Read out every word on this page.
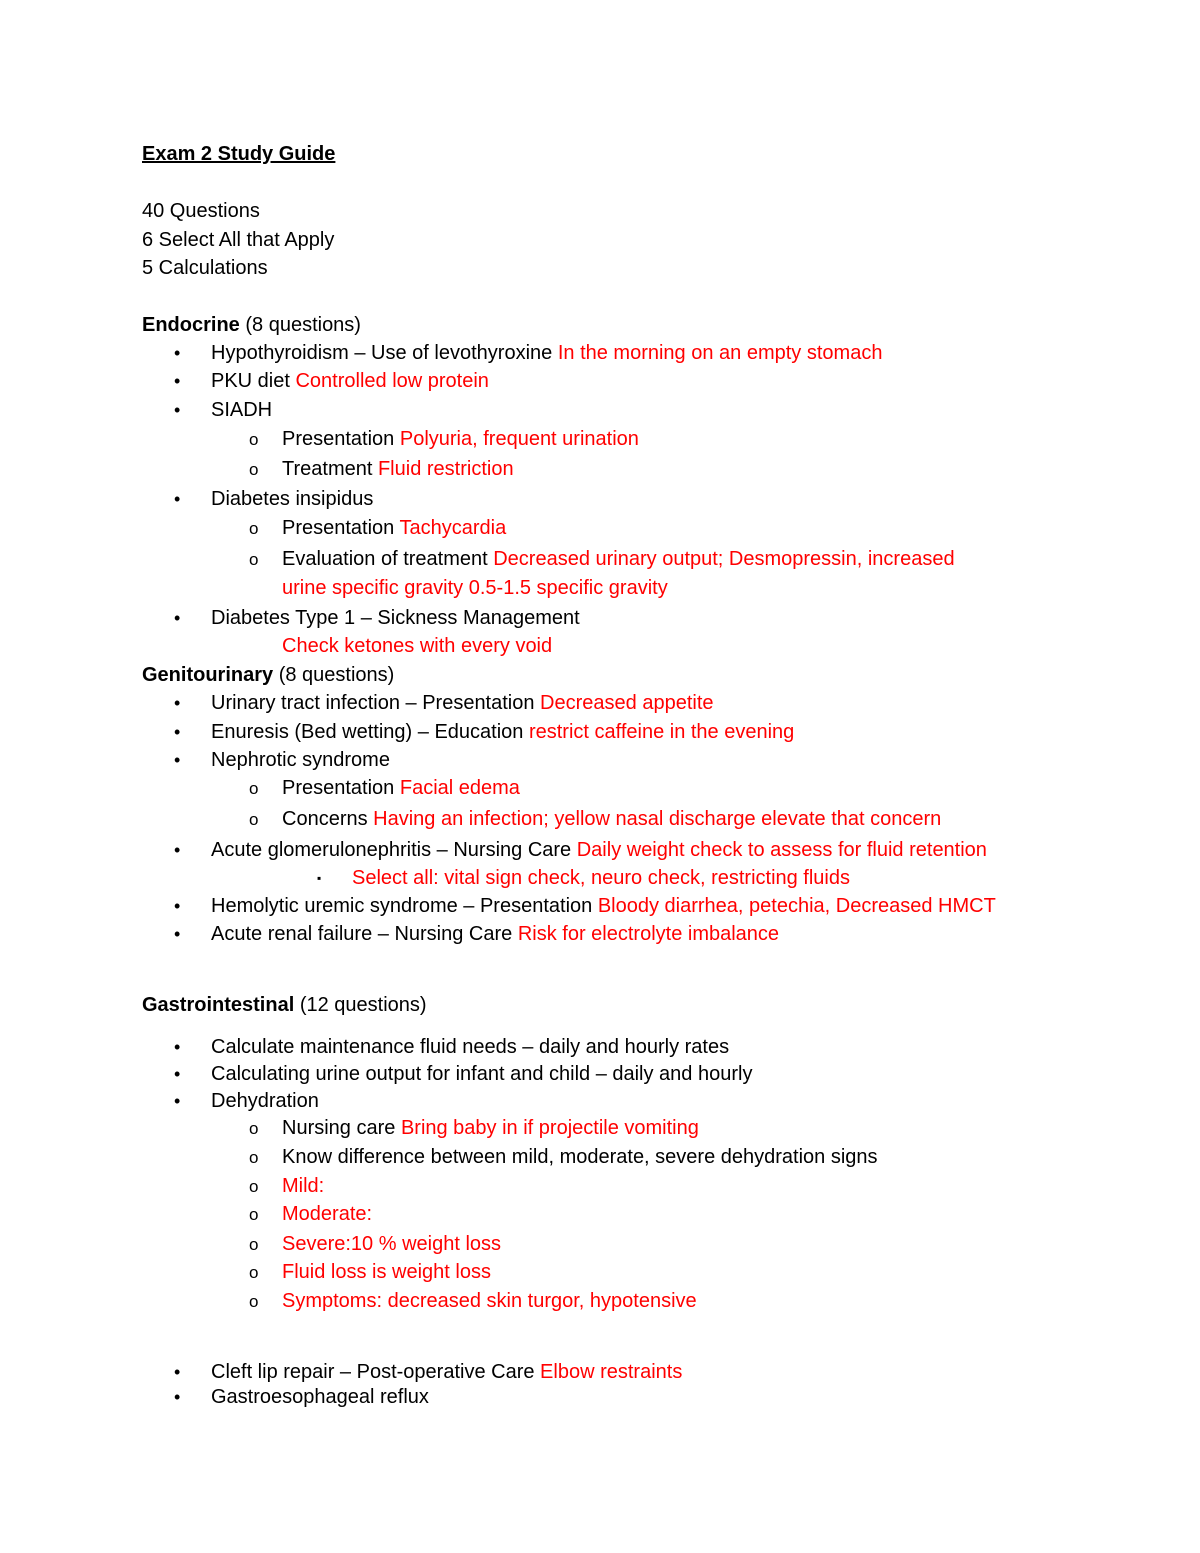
Exam 2 Study Guide
40 Questions
6 Select All that Apply
5 Calculations
Endocrine (8 questions)
• Hypothyroidism – Use of levothyroxine In the morning on an empty stomach
• PKU diet Controlled low protein
• SIADH
o Presentation Polyuria, frequent urination
o Treatment Fluid restriction
• Diabetes insipidus
o Presentation Tachycardia
o Evaluation of treatment Decreased urinary output; Desmopressin, increased
urine specific gravity 0.5-1.5 specific gravity
• Diabetes Type 1 – Sickness Management
Check ketones with every void
Genitourinary (8 questions)
• Urinary tract infection – Presentation Decreased appetite
• Enuresis (Bed wetting) – Education restrict caffeine in the evening
• Nephrotic syndrome
o Presentation Facial edema
o Concerns Having an infection; yellow nasal discharge elevate that concern
• Acute glomerulonephritis – Nursing Care Daily weight check to assess for fluid retention
▪ Select all: vital sign check, neuro check, restricting fluids
• Hemolytic uremic syndrome – Presentation Bloody diarrhea, petechia, Decreased HMCT
• Acute renal failure – Nursing Care Risk for electrolyte imbalance
Gastrointestinal (12 questions)
• Calculate maintenance fluid needs – daily and hourly rates
• Calculating urine output for infant and child – daily and hourly
• Dehydration
o Nursing care Bring baby in if projectile vomiting
o Know difference between mild, moderate, severe dehydration signs
o Mild:
o Moderate:
o Severe:10 % weight loss
o Fluid loss is weight loss
o Symptoms: decreased skin turgor, hypotensive
• Cleft lip repair – Post-operative Care Elbow restraints
• Gastroesophageal reflux
